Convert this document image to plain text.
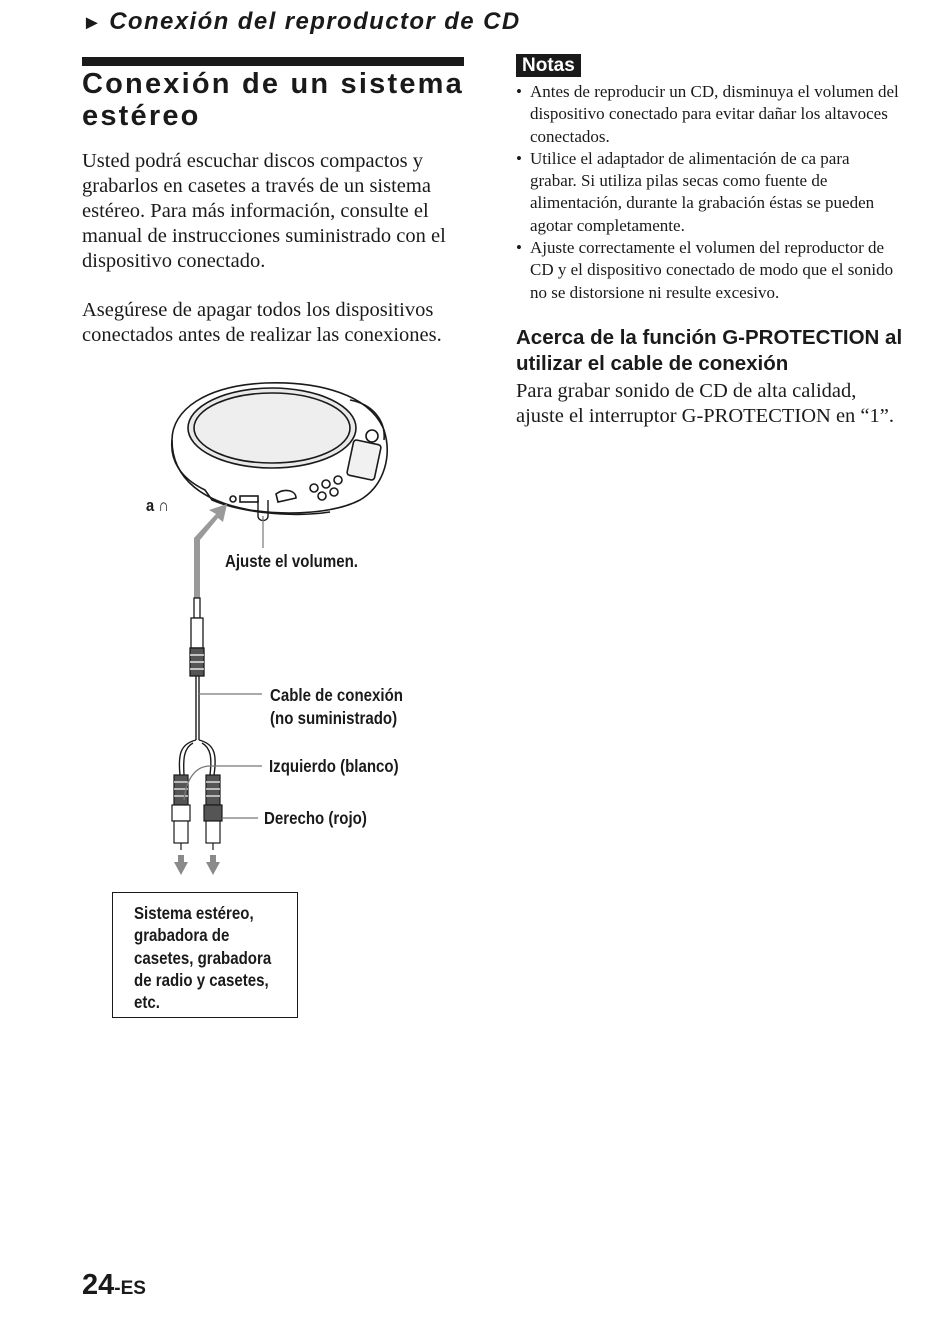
► Conexión del reproductor de CD
Conexión de un sistema estéreo
Usted podrá escuchar discos compactos y grabarlos en casetes a través de un sistema estéreo. Para más información, consulte el manual de instrucciones suministrado con el dispositivo conectado.
Asegúrese de apagar todos los dispositivos conectados antes de realizar las conexiones.
Notas
• Antes de reproducir un CD, disminuya el volumen del dispositivo conectado para evitar dañar los altavoces conectados.
• Utilice el adaptador de alimentación de ca para grabar. Si utiliza pilas secas como fuente de alimentación, durante la grabación éstas se pueden agotar completamente.
• Ajuste correctamente el volumen del reproductor de CD y el dispositivo conectado de modo que el sonido no se distorsione ni resulte excesivo.
Acerca de la función G-PROTECTION al utilizar el cable de conexión
Para grabar sonido de CD de alta calidad, ajuste el interruptor G-PROTECTION en “1”.
a ∩
Ajuste el volumen.
Cable de conexión
(no suministrado)
Izquierdo (blanco)
Derecho (rojo)
Sistema estéreo,
grabadora de
casetes, grabadora
de radio y casetes,
etc.
24-ES
